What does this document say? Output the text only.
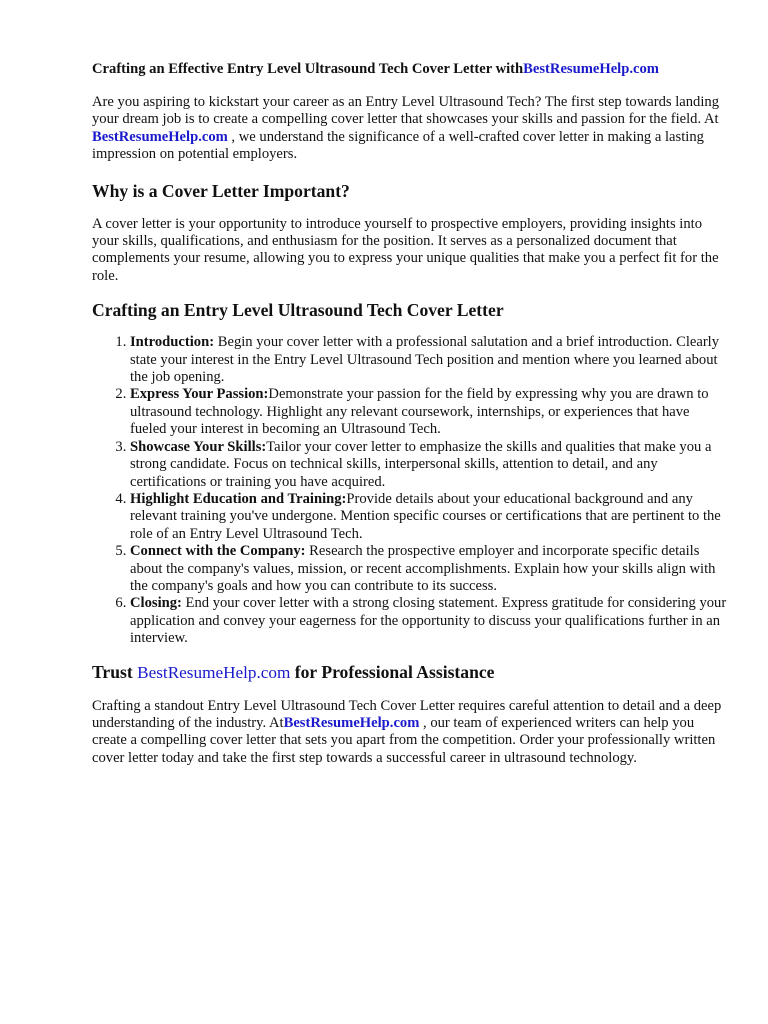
Crafting an Effective Entry Level Ultrasound Tech Cover Letter withBestResumeHelp.com

Are you aspiring to kickstart your career as an Entry Level Ultrasound Tech? The first step towards landing your dream job is to create a compelling cover letter that showcases your skills and passion for the field. At BestResumeHelp.com , we understand the significance of a well-crafted cover letter in making a lasting impression on potential employers.

Why is a Cover Letter Important?

A cover letter is your opportunity to introduce yourself to prospective employers, providing insights into your skills, qualifications, and enthusiasm for the position. It serves as a personalized document that complements your resume, allowing you to express your unique qualities that make you a perfect fit for the role.

Crafting an Entry Level Ultrasound Tech Cover Letter
1. Introduction: Begin your cover letter with a professional salutation and a brief introduction. Clearly state your interest in the Entry Level Ultrasound Tech position and mention where you learned about the job opening.
2. Express Your Passion:Demonstrate your passion for the field by expressing why you are drawn to ultrasound technology. Highlight any relevant coursework, internships, or experiences that have fueled your interest in becoming an Ultrasound Tech.
3. Showcase Your Skills:Tailor your cover letter to emphasize the skills and qualities that make you a strong candidate. Focus on technical skills, interpersonal skills, attention to detail, and any certifications or training you have acquired.
4. Highlight Education and Training:Provide details about your educational background and any relevant training you've undergone. Mention specific courses or certifications that are pertinent to the role of an Entry Level Ultrasound Tech.
5. Connect with the Company: Research the prospective employer and incorporate specific details about the company's values, mission, or recent accomplishments. Explain how your skills align with the company's goals and how you can contribute to its success.
6. Closing: End your cover letter with a strong closing statement. Express gratitude for considering your application and convey your eagerness for the opportunity to discuss your qualifications further in an interview.
Trust BestResumeHelp.com for Professional Assistance

Crafting a standout Entry Level Ultrasound Tech Cover Letter requires careful attention to detail and a deep understanding of the industry. AtBestResumeHelp.com , our team of experienced writers can help you create a compelling cover letter that sets you apart from the competition. Order your professionally written cover letter today and take the first step towards a successful career in ultrasound technology.
